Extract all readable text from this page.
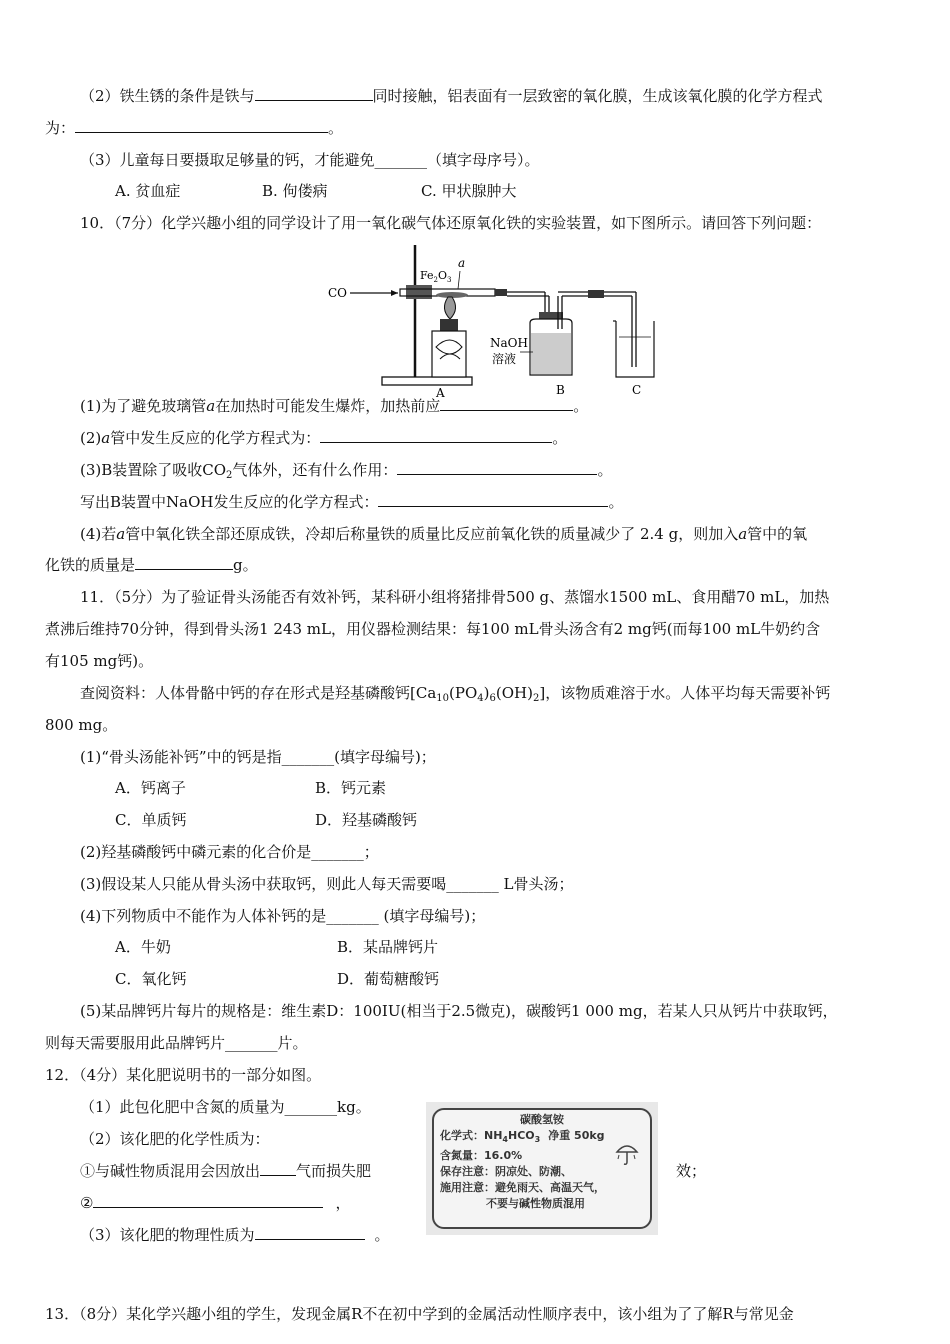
（2）铁生锈的条件是铁与	同时接触，铝表面有一层致密的氧化膜，生成该氧化膜的化学方程式
为：	。
（3）儿童每日要摄取足够量的钙，才能避免_______（填字母序号）。
A. 贫血症	B. 佝偻病	C. 甲状腺肿大
10．（7分）化学兴趣小组的同学设计了用一氧化碳气体还原氧化铁的实验装置，如下图所示。请回答下列问题：
CO
$Fe_2O_3$
a
NaOH
溶液
A	B	C
(1)为了避免玻璃管a在加热时可能发生爆炸，加热前应	。
(2)a管中发生反应的化学方程式为：	。
(3)B装置除了吸收$CO_2$气体外，还有什么作用：	。
写出B装置中NaOH发生反应的化学方程式：	。
(4)若a管中氧化铁全部还原成铁，冷却后称量铁的质量比反应前氧化铁的质量减少了 2.4 g，则加入a管中的氧
化铁的质量是	g。
11．（5分）为了验证骨头汤能否有效补钙，某科研小组将猪排骨500 g、蒸馏水1500 mL、食用醋70 mL，加热
煮沸后维持70分钟，得到骨头汤1 243 mL，用仪器检测结果：每100 mL骨头汤含有2 mg钙(而每100 mL牛奶约含
有105 mg钙)。
查阅资料：人体骨骼中钙的存在形式是羟基磷酸钙$[Ca_{10}(PO_4)_6(OH)_2]$，该物质难溶于水。人体平均每天需要补钙
800 mg。
(1)“骨头汤能补钙”中的钙是指_______(填字母编号)；
A．钙离子	B．钙元素
C．单质钙	D．羟基磷酸钙
(2)羟基磷酸钙中磷元素的化合价是_______；
(3)假设某人只能从骨头汤中获取钙，则此人每天需要喝_______ L骨头汤；
(4)下列物质中不能作为人体补钙的是_______ (填字母编号)；
A．牛奶	B．某品牌钙片
C．氧化钙	D．葡萄糖酸钙
(5)某品牌钙片每片的规格是：维生素D：100IU(相当于2.5微克)，碳酸钙1 000 mg，若某人只从钙片中获取钙，
则每天需要服用此品牌钙片_______片。
12．（4分）某化肥说明书的一部分如图。
（1）此包化肥中含氮的质量为_______kg。
（2）该化肥的化学性质为：
①与碱性物质混用会因放出 气而损失肥	效；
②	，
（3）该化肥的物理性质为	。
碳酸氢铵
化学式：$NH_4HCO_3$ 净重 50kg
含氮量：16.0%
保存注意：阴凉处、防潮、
施用注意：避免雨天、高温天气，
不要与碱性物质混用
13．（8分）某化学兴趣小组的学生，发现金属R不在初中学到的金属活动性顺序表中，该小组为了了解R与常见金
